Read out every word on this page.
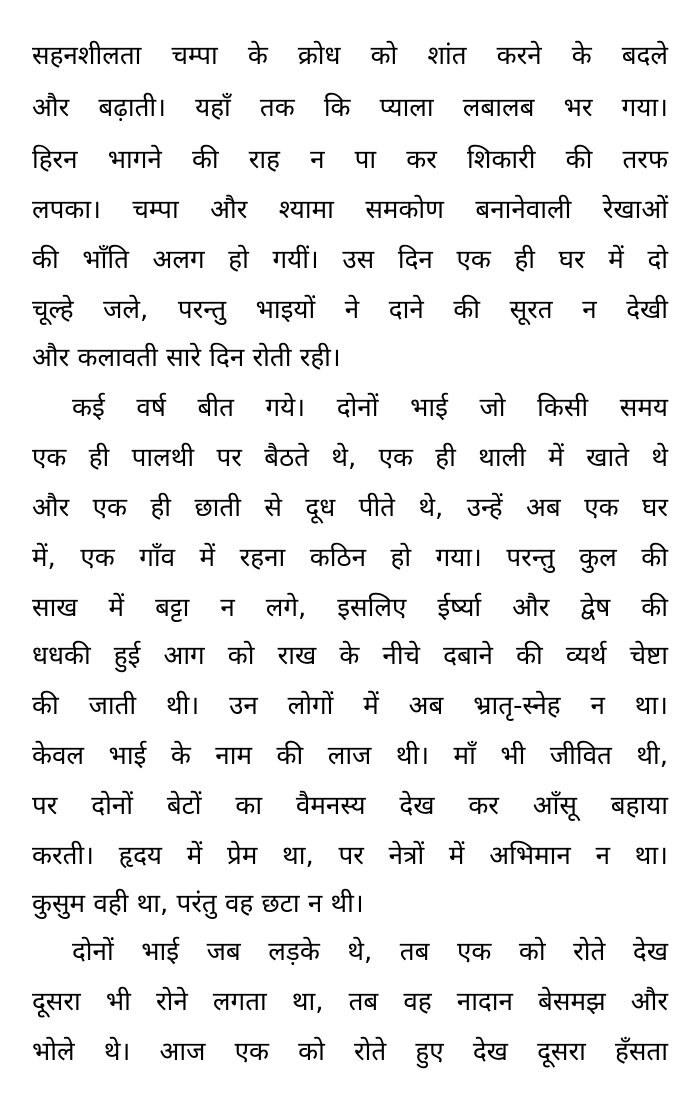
सहनशीलता चम्पा के क्रोध को शांत करने के बदले
और बढ़ाती। यहाँ तक कि प्याला लबालब भर गया।
हिरन भागने की राह न पा कर शिकारी की तरफ
लपका। चम्पा और श्यामा समकोण बनानेवाली रेखाओं
की भाँति अलग हो गयीं। उस दिन एक ही घर में दो
चूल्हे जले, परन्तु भाइयों ने दाने की सूरत न देखी
और कलावती सारे दिन रोती रही।
कई वर्ष बीत गये। दोनों भाई जो किसी समय
एक ही पालथी पर बैठते थे, एक ही थाली में खाते थे
और एक ही छाती से दूध पीते थे, उन्हें अब एक घर
में, एक गाँव में रहना कठिन हो गया। परन्तु कुल की
साख में बट्टा न लगे, इसलिए ईर्ष्या और द्वेष की
धधकी हुई आग को राख के नीचे दबाने की व्यर्थ चेष्टा
की जाती थी। उन लोगों में अब भ्रातृ-स्नेह न था।
केवल भाई के नाम की लाज थी। माँ भी जीवित थी,
पर दोनों बेटों का वैमनस्य देख कर आँसू बहाया
करती। हृदय में प्रेम था, पर नेत्रों में अभिमान न था।
कुसुम वही था, परंतु वह छटा न थी।
दोनों भाई जब लड़के थे, तब एक को रोते देख
दूसरा भी रोने लगता था, तब वह नादान बेसमझ और
भोले थे। आज एक को रोते हुए देख दूसरा हँसता
